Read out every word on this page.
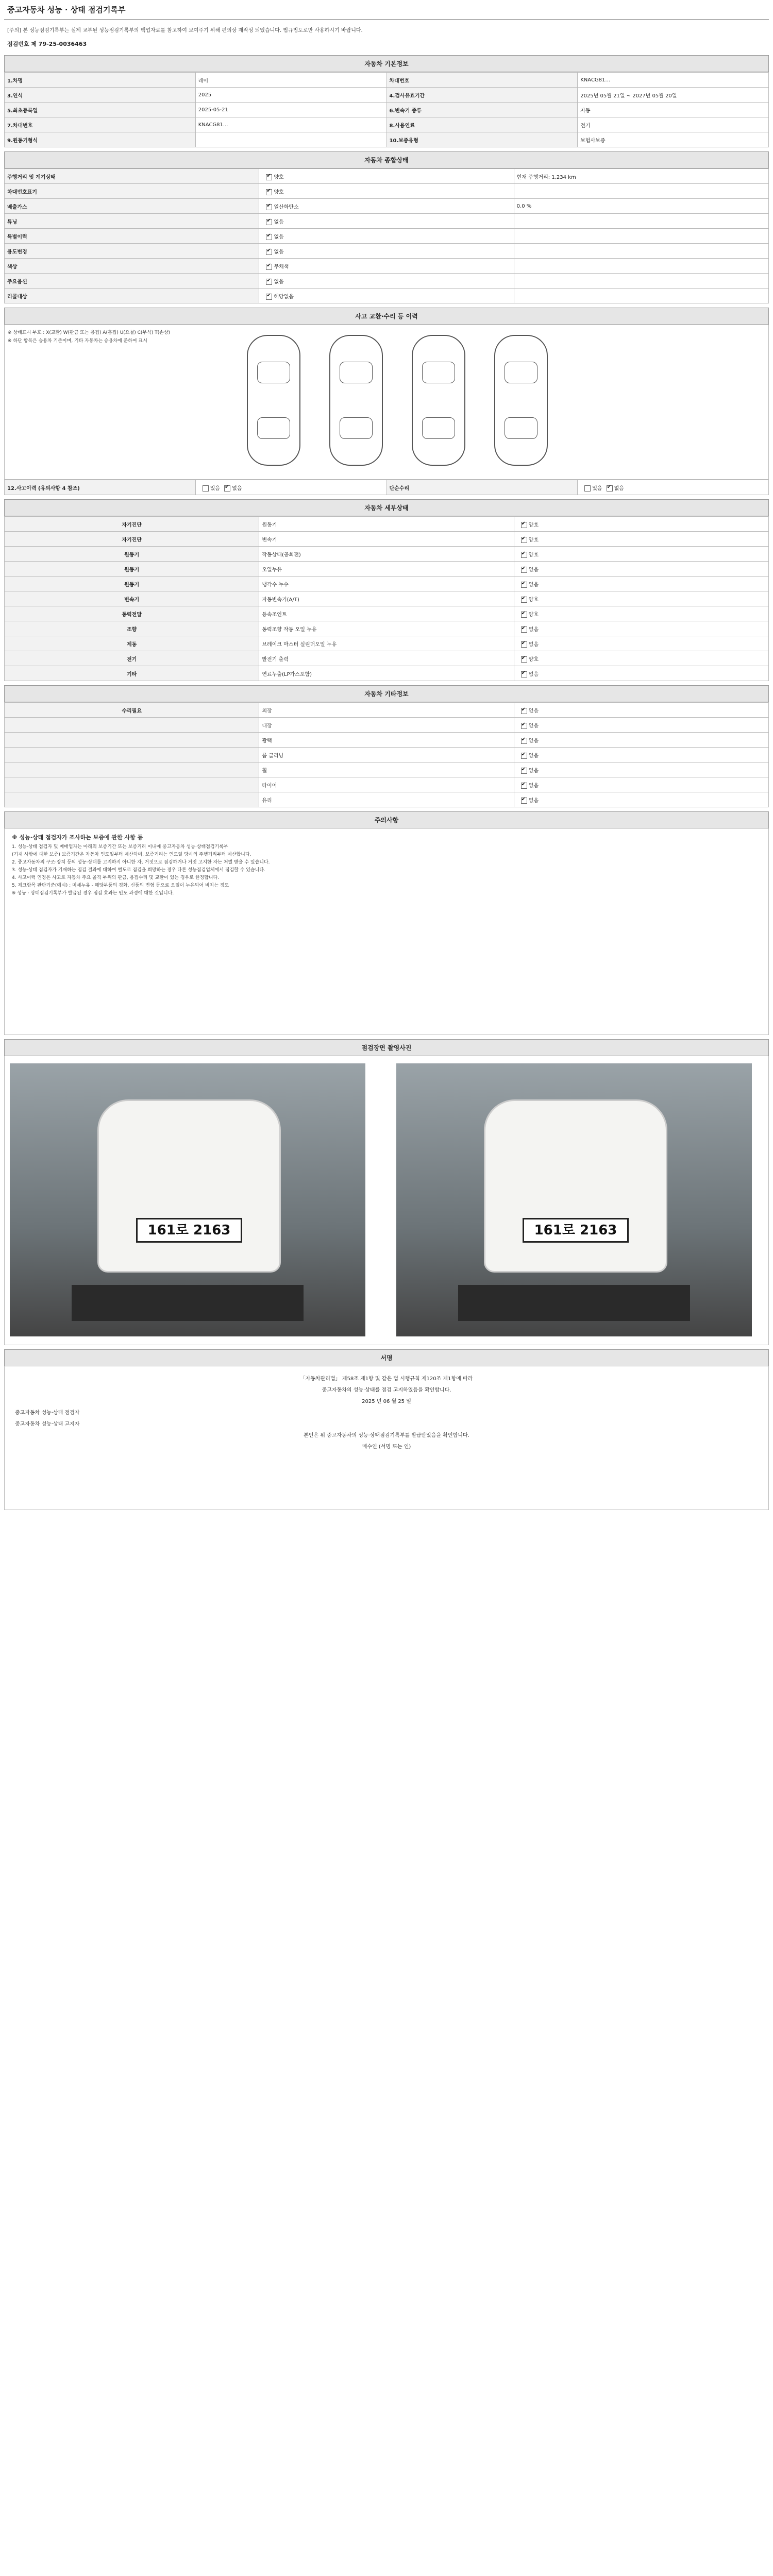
중고자동차 성능 · 상태 점검기록부
[주의] 본 성능점검기록부는 실제 교부된 성능점검기록부의 백업자료를 참고하여 보여주기 위해 편의상 재작성 되었습니다. 법규법도로만 사용하시기 바랍니다.
점검번호 제 79-25-0036463
자동차 기본정보
1.차명	레이	차대번호	KNACG81...
3.연식	2025	4.검사유효기간	2025년 05월 21일 ~ 2027년 05월 20일
5.최초등록일	2025-05-21	6.변속기 종류	자동
7.차대번호	KNACG81...	8.사용연료	전기
9.원동기형식		10.보증유형	보험사보증
자동차 종합상태
주행거리 및 계기상태	✔양호	현재 주행거리: 1,234 km
차대번호표기	✔양호	
배출가스	✔일산화탄소	0.0 %
튜닝	✔없음	
특별이력	✔없음	
용도변경	✔없음	
색상	✔무채색	
주요옵션	✔없음	
리콜대상	✔해당없음	
사고 교환·수리 등 이력
※ 상태표시 부호 : X(교환) W(판금 또는 용접) A(흠집) U(요철) C(부식) T(손상)
※ 하단 항목은 승용차 기준이며, 기타 자동차는 승용차에 준하여 표시
12.사고이력 (유의사항 4 참조)	있음 ✔ 없음	단순수리	있음 ✔ 없음
자동차 세부상태
자기진단	원동기	✔양호
자기진단	변속기	✔양호
원동기	작동상태(공회전)	✔양호
원동기	오일누유	✔없음
원동기	냉각수 누수	✔없음
변속기	자동변속기(A/T)	✔양호
동력전달	등속조인트	✔양호
조향	동력조향 작동 오일 누유	✔없음
제동	브레이크 마스터 실린더오일 누유	✔없음
전기	발전기 출력	✔양호
기타	연료누출(LP가스포함)	✔없음
자동차 기타정보
수리필요	외장	✔없음
	내장	✔없음
	광택	✔없음
	룸 클리닝	✔없음
	휠	✔없음
	타이어	✔없음
	유리	✔없음
주의사항
※ 성능·상태 점검자가 조사하는 보증에 관한 사항 등
1. 성능·상태 점검자 및 매매업자는 아래의 보증기간 또는 보증거리 이내에 중고자동차 성능·상태점검기록부
(기재 사항에 대한 보증) 보증기간은 자동차 인도일부터 계산하며, 보증거리는 인도일 당시의 주행거리부터 계산합니다.
2. 중고자동차의 구조·장치 등의 성능·상태를 고지하지 아니한 자, 거짓으로 점검하거나 거짓 고지한 자는 처벌 받을 수 있습니다.
3. 성능·상태 점검자가 기재하는 점검 결과에 대하여 별도로 점검을 희망하는 경우 다른 성능점검업체에서 점검할 수 있습니다.
4. 사고이력 인정은 사고로 자동차 주요 골격 부위의 판금, 용접수리 및 교환이 있는 경우로 한정합니다.
5. 체크항목 판단기준(예시) : 미세누유 - 해당부품의 경화, 신품의 변형 등으로 오일이 누유되어 비치는 정도
※ 성능 · 상태점검기록부가 발급된 경우 점검 효과는 인도 과정에 대한 것입니다.
점검장면 촬영사진
161로 2163	161로 2163
서명
「자동차관리법」 제58조 제1항 및 같은 법 시행규칙 제120조 제1항에 따라
중고자동차의 성능·상태를 점검 고지하였음을 확인합니다.
2025 년 06 월 25 일
중고자동차 성능·상태 점검자
중고자동차 성능·상태 고지자
본인은 위 중고자동차의 성능·상태점검기록부를 발급받았음을 확인합니다.
매수인 (서명 또는 인)
